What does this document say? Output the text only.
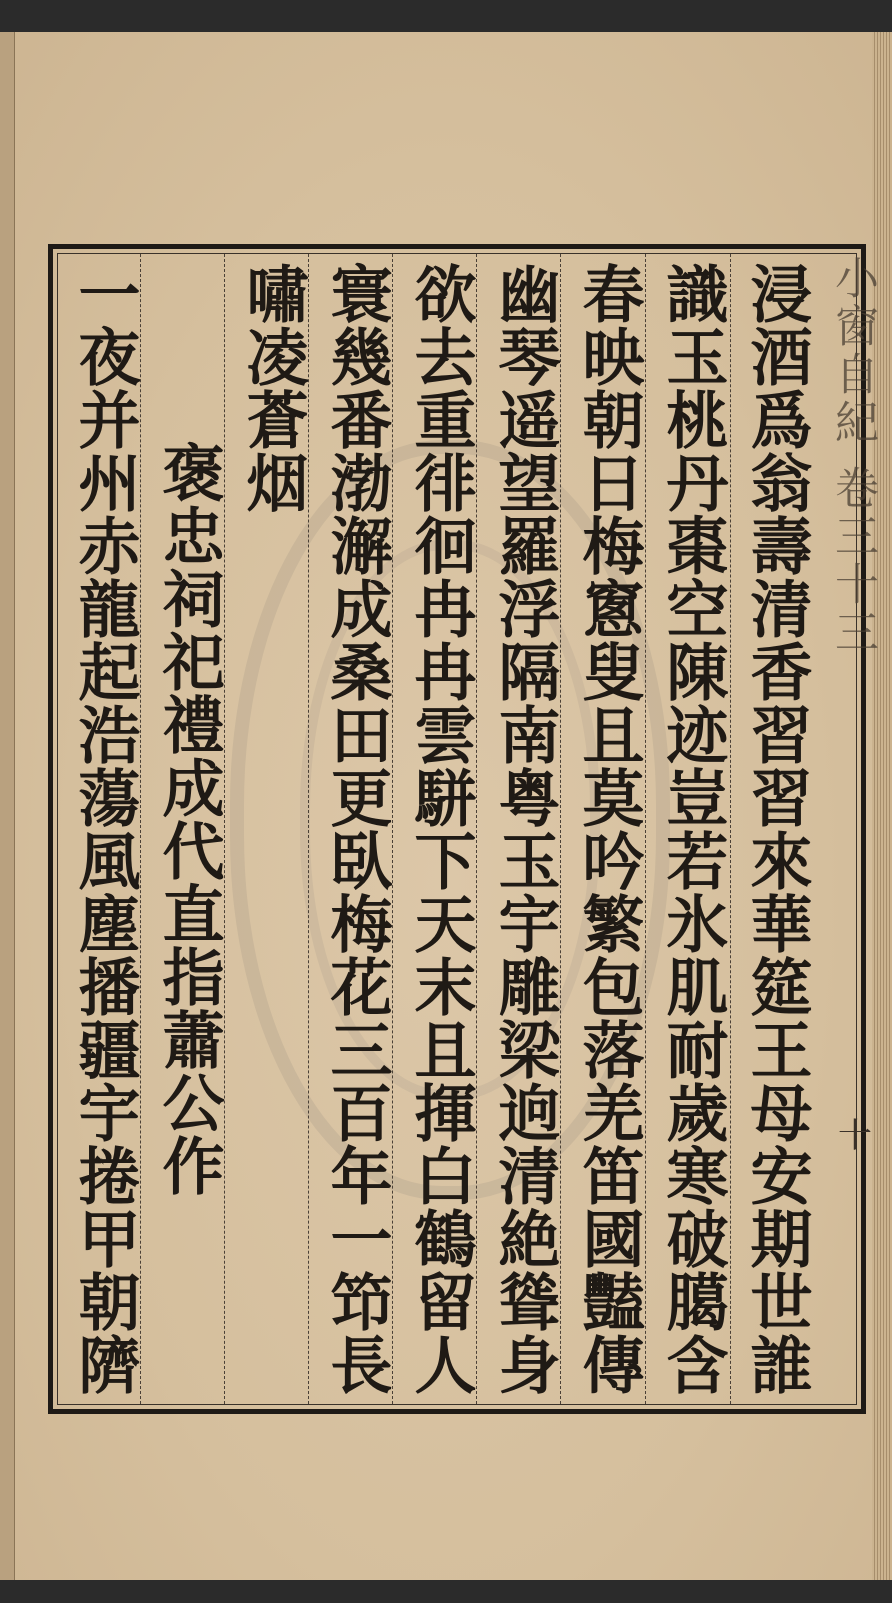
小窗自紀 卷三十三
十
浸酒爲翁壽清香習習來華筵王母安期世誰
識玉桃丹棗空陳迹豈若氷肌耐歲寒破臈含
春映朝日梅窻叟且莫吟繁包落羌笛國豔傳
幽琴遥望羅浮隔南粤玉宇雕梁逈清絶聳身
欲去重徘徊冉冉雲駢下天末且揮白鶴留人
寰幾番渤澥成桑田更臥梅花三百年一笻長
嘯凌蒼烟
　褒忠祠祀禮成代直指蕭公作
一夜并州赤龍起浩蕩風塵播疆宇捲甲朝隮
